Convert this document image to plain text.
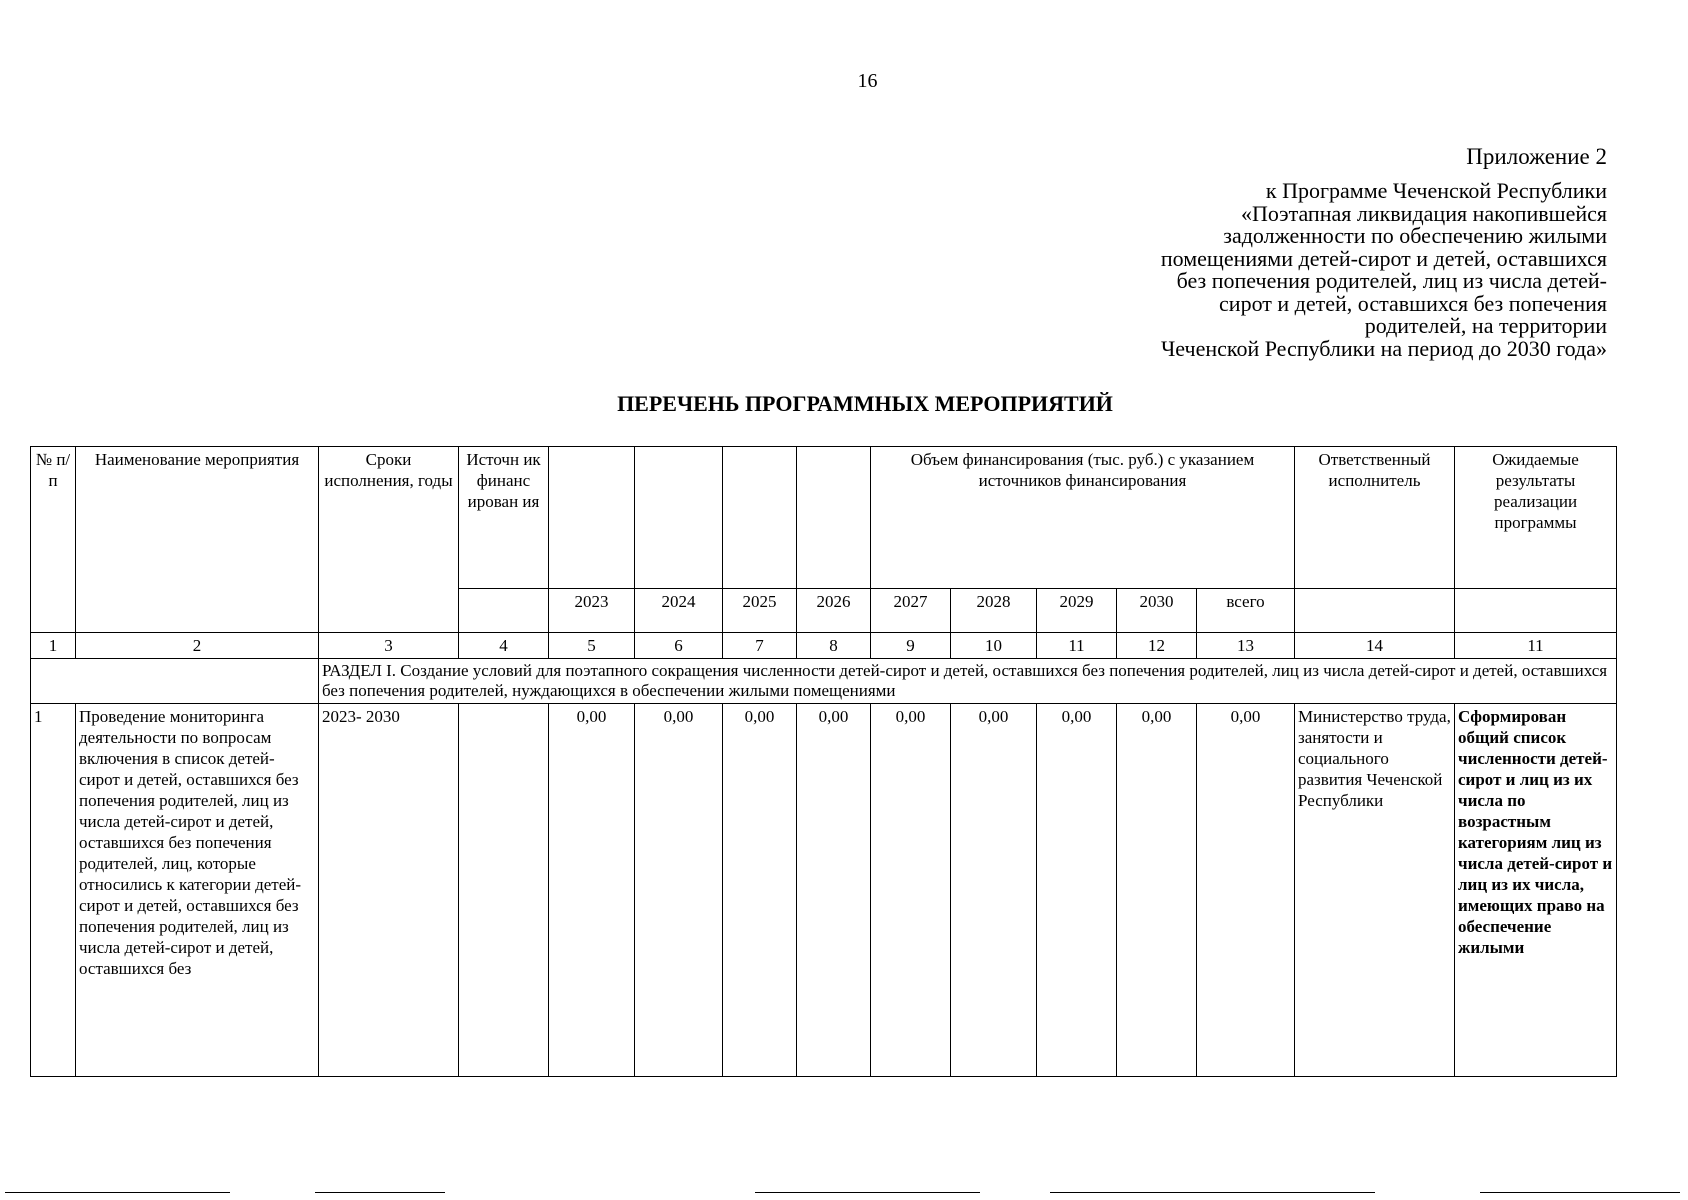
16
Приложение 2
к Программе Чеченской Республики
«Поэтапная ликвидация накопившейся
задолженности по обеспечению жилыми
помещениями детей-сирот и детей, оставшихся
без попечения родителей, лиц из числа детей-
сирот и детей, оставшихся без попечения
родителей, на территории
Чеченской Республики на период до 2030 года»
ПЕРЕЧЕНЬ ПРОГРАММНЫХ МЕРОПРИЯТИЙ
№ п/ п	Наименование мероприятия	Сроки исполнения, годы	Источн ик финанс ирован ия					Объем финансирования (тыс. руб.) с указанием источников финансирования					Ответственный исполнитель	Ожидаемые результаты реализации программы
				2023	2024	2025	2026	2027	2028	2029	2030	всего		
1	2	3	4	5	6	7	8	9	10	11	12	13	14	11
		РАЗДЕЛ I. Создание условий для поэтапного сокращения численности детей-сирот и детей, оставшихся без попечения родителей, лиц из числа детей-сирот и детей, оставшихся без попечения родителей, нуждающихся в обеспечении жилыми помещениями												
1	Проведение мониторинга деятельности по вопросам включения в список детей-сирот и детей, оставшихся без попечения родителей, лиц из числа детей-сирот и детей, оставшихся без попечения родителей, лиц, которые относились к категории детей-сирот и детей, оставшихся без попечения родителей, лиц из числа детей-сирот и детей, оставшихся без	2023- 2030		0,00	0,00	0,00	0,00	0,00	0,00	0,00	0,00	0,00	Министерство труда, занятости и социального развития Чеченской Республики	Сформирован общий список численности детей-сирот и лиц из их числа по возрастным категориям лиц из числа детей-сирот и лиц из их числа, имеющих право на обеспечение жилыми
